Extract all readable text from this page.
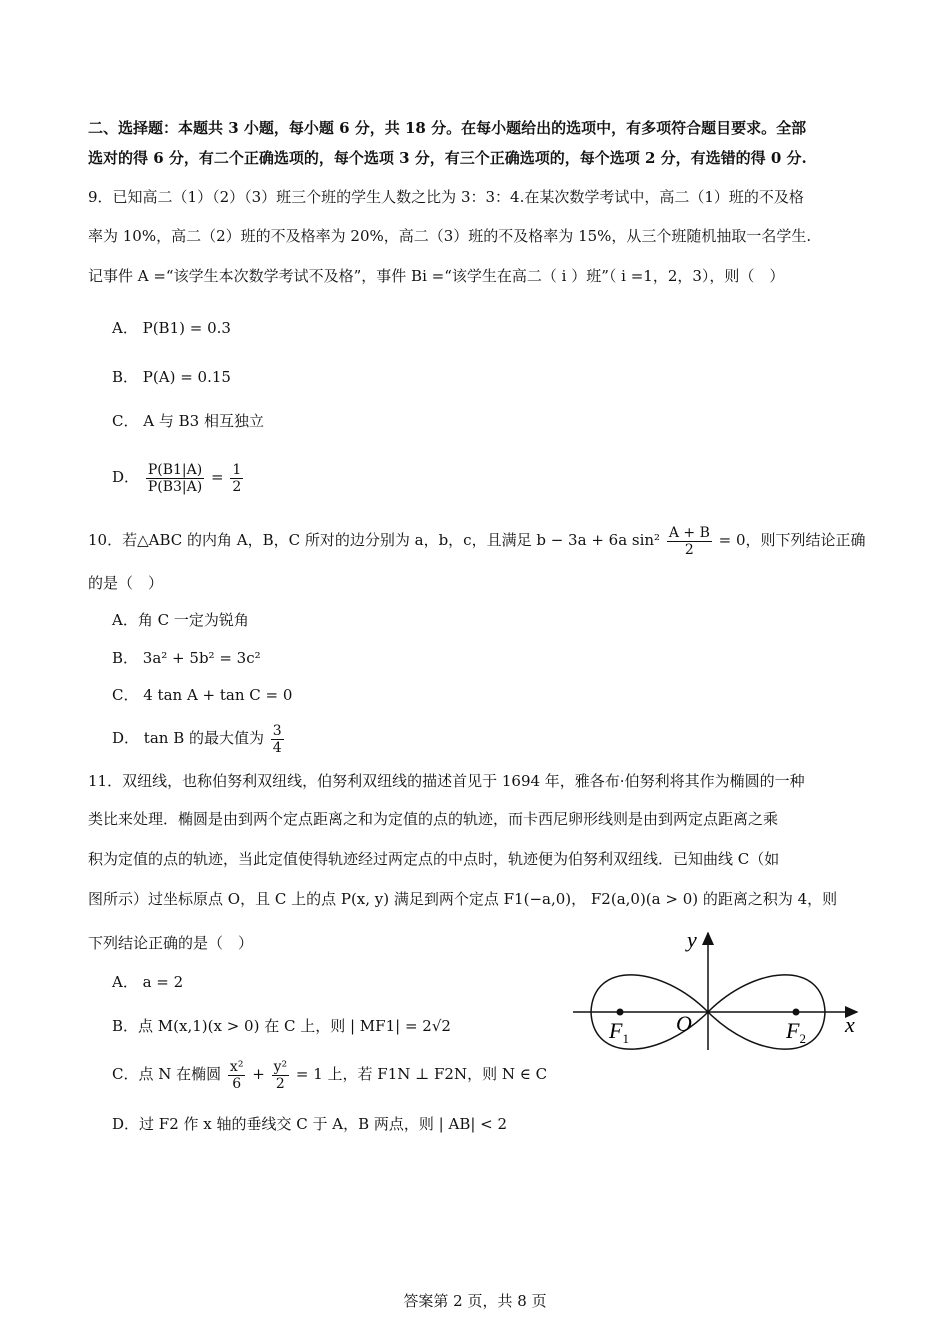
二、选择题：本题共 3 小题，每小题 6 分，共 18 分。在每小题给出的选项中，有多项符合题目要求。全部
选对的得 6 分，有二个正确选项的，每个选项 3 分，有三个正确选项的，每个选项 2 分，有选错的得 0 分.
9．已知高二（1）（2）（3）班三个班的学生人数之比为 3：3：4.在某次数学考试中，高二（1）班的不及格
率为 10%，高二（2）班的不及格率为 20%，高二（3）班的不及格率为 15%，从三个班随机抽取一名学生.
记事件 A =“该学生本次数学考试不及格”，事件 Bi =“该学生在高二（ i ）班”（ i =1，2，3），则（　）
A． P(B1) = 0.3
B． P(A) = 0.15
C． A 与 B3 相互独立
D． $\frac{P(B1|A)}{P(B3|A)} = \frac{1}{2}$
10．若△ABC 的内角 A，B，C 所对的边分别为 a，b，c，且满足 b − 3a + 6a $\sin^2 \frac{A + B}{2} = 0$，则下列结论正确
的是（　）
A．角 C 一定为锐角
B． 3a² + 5b² = 3c²
C． 4 tan A + tan C = 0
D． tan B 的最大值为 $\frac{3}{4}$
11．双纽线，也称伯努利双纽线，伯努利双纽线的描述首见于 1694 年，雅各布·伯努利将其作为椭圆的一种
类比来处理．椭圆是由到两个定点距离之和为定值的点的轨迹，而卡西尼卵形线则是由到两定点距离之乘
积为定值的点的轨迹，当此定值使得轨迹经过两定点的中点时，轨迹便为伯努利双纽线．已知曲线 C（如
图所示）过坐标原点 O，且 C 上的点 P(x, y) 满足到两个定点 F1(−a,0)， F2(a,0)(a > 0) 的距离之积为 4，则
下列结论正确的是（　）
A． a = 2
B．点 M(x,1)(x > 0) 在 C 上，则 | MF1| = 2√2
C．点 N 在椭圆 $\frac{\text{x²}}{6} + \frac{\text{y²}}{2} = 1$ 上，若 F1N ⊥ F2N，则 N ∈ C
D．过 F2 作 x 轴的垂线交 C 于 A，B 两点，则 | AB| < 2
y
x
O
$F_1$	$F_2$
答案第 2 页，共 8 页
